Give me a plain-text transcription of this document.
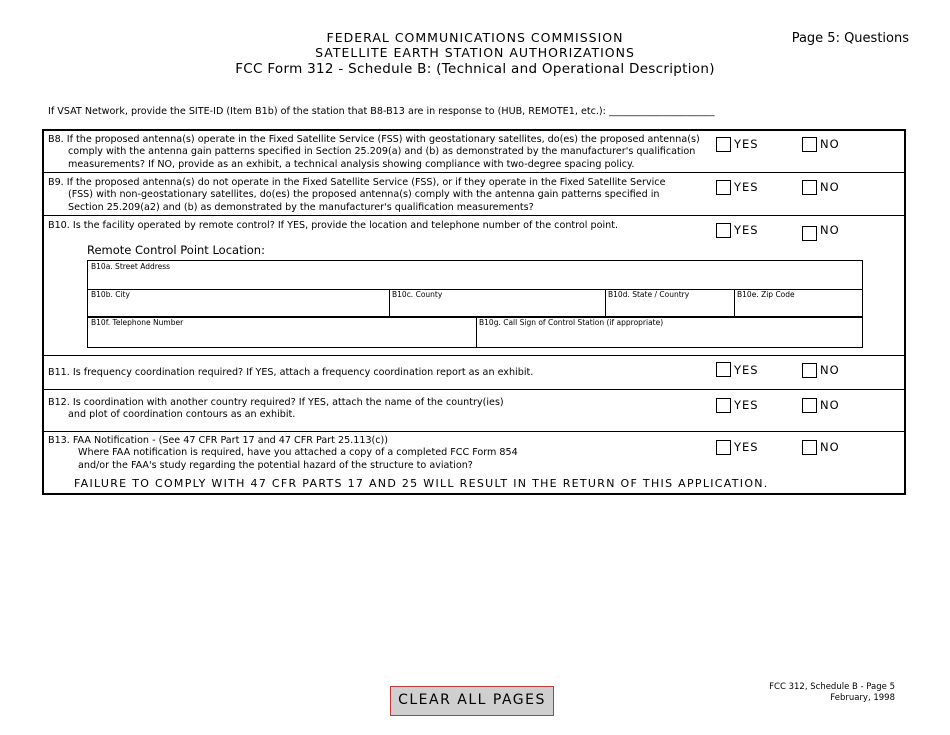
FEDERAL COMMUNICATIONS COMMISSION
SATELLITE EARTH STATION AUTHORIZATIONS
FCC Form 312 - Schedule B: (Technical and Operational Description)
Page 5: Questions
If VSAT Network, provide the SITE-ID (Item B1b) of the station that B8-B13 are in response to (HUB, REMOTE1, etc.): ______________________
B8. If the proposed antenna(s) operate in the Fixed Satellite Service (FSS) with geostationary satellites, do(es) the proposed antenna(s)
comply with the antenna gain patterns specified in Section 25.209(a) and (b) as demonstrated by the manufacturer's qualification
measurements? If NO, provide as an exhibit, a technical analysis showing compliance with two-degree spacing policy.
YES	NO
B9. If the proposed antenna(s) do not operate in the Fixed Satellite Service (FSS), or if they operate in the Fixed Satellite Service
(FSS) with non-geostationary satellites, do(es) the proposed antenna(s) comply with the antenna gain patterns specified in
Section 25.209(a2) and (b) as demonstrated by the manufacturer's qualification measurements?
YES	NO
B10. Is the facility operated by remote control? If YES, provide the location and telephone number of the control point.	YES	NO
Remote Control Point Location:
B10a. Street Address
B10b. City	B10c. County	B10d. State / Country	B10e. Zip Code
B10f. Telephone Number	B10g. Call Sign of Control Station (if appropriate)
B11. Is frequency coordination required? If YES, attach a frequency coordination report as an exhibit.	YES	NO
B12. Is coordination with another country required? If YES, attach the name of the country(ies)
and plot of coordination contours as an exhibit.
YES	NO
B13. FAA Notification - (See 47 CFR Part 17 and 47 CFR Part 25.113(c))
Where FAA notification is required, have you attached a copy of a completed FCC Form 854
and/or the FAA's study regarding the potential hazard of the structure to aviation?
YES	NO
FAILURE TO COMPLY WITH 47 CFR PARTS 17 AND 25 WILL RESULT IN THE RETURN OF THIS APPLICATION.
CLEAR ALL PAGES
FCC 312, Schedule B - Page 5
February, 1998
